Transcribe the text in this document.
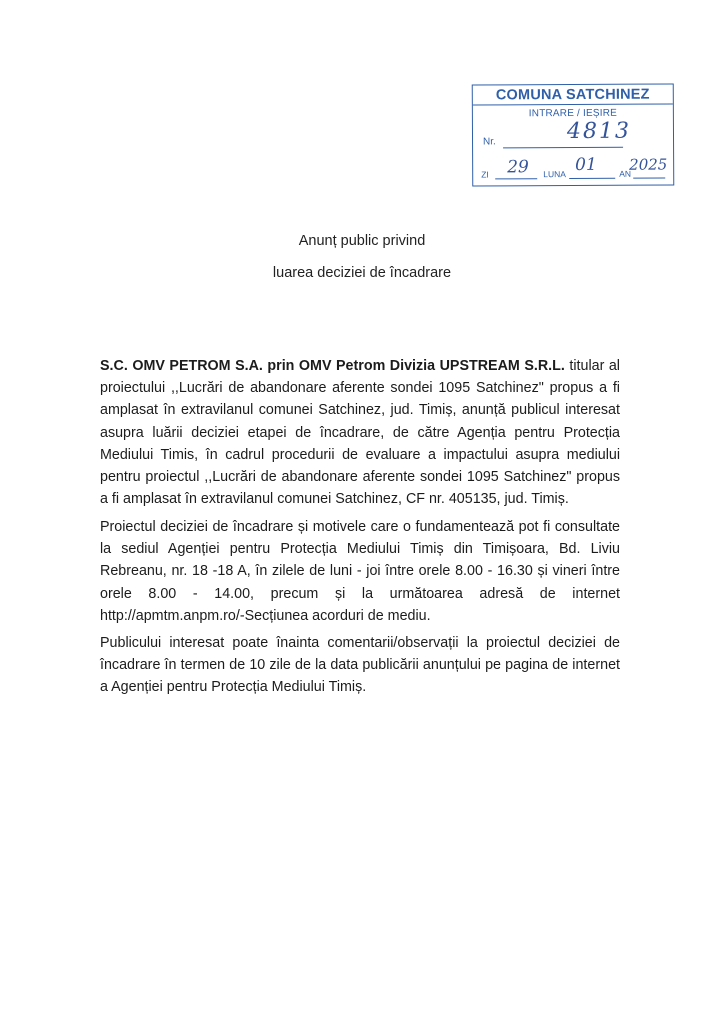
COMUNA SATCHINEZ
INTRARE / IEȘIRE
Nr.	4813
ZI	LUNA	AN
29	01 2025
Anunț public privind
luarea deciziei de încadrare
S.C. OMV PETROM S.A. prin OMV Petrom Divizia UPSTREAM S.R.L. titular al proiectului ,,Lucrări de abandonare aferente sondei 1095 Satchinez" propus a fi amplasat în extravilanul comunei Satchinez, jud. Timiș, anunță publicul interesat asupra luării deciziei etapei de încadrare, de către Agenția pentru Protecția Mediului Timis, în cadrul procedurii de evaluare a impactului asupra mediului pentru proiectul ,,Lucrări de abandonare aferente sondei 1095 Satchinez" propus a fi amplasat în extravilanul comunei Satchinez, CF nr. 405135, jud. Timiș.
Proiectul deciziei de încadrare și motivele care o fundamentează pot fi consultate la sediul Agenției pentru Protecția Mediului Timiș din Timișoara, Bd. Liviu Rebreanu, nr. 18 -18 A, în zilele de luni - joi între orele 8.00 - 16.30 și vineri între orele 8.00 - 14.00, precum și la următoarea adresă de internet http://apmtm.anpm.ro/-Secțiunea acorduri de mediu.
Publicului interesat poate înainta comentarii/observații la proiectul deciziei de încadrare în termen de 10 zile de la data publicării anunțului pe pagina de internet a Agenției pentru Protecția Mediului Timiș.
